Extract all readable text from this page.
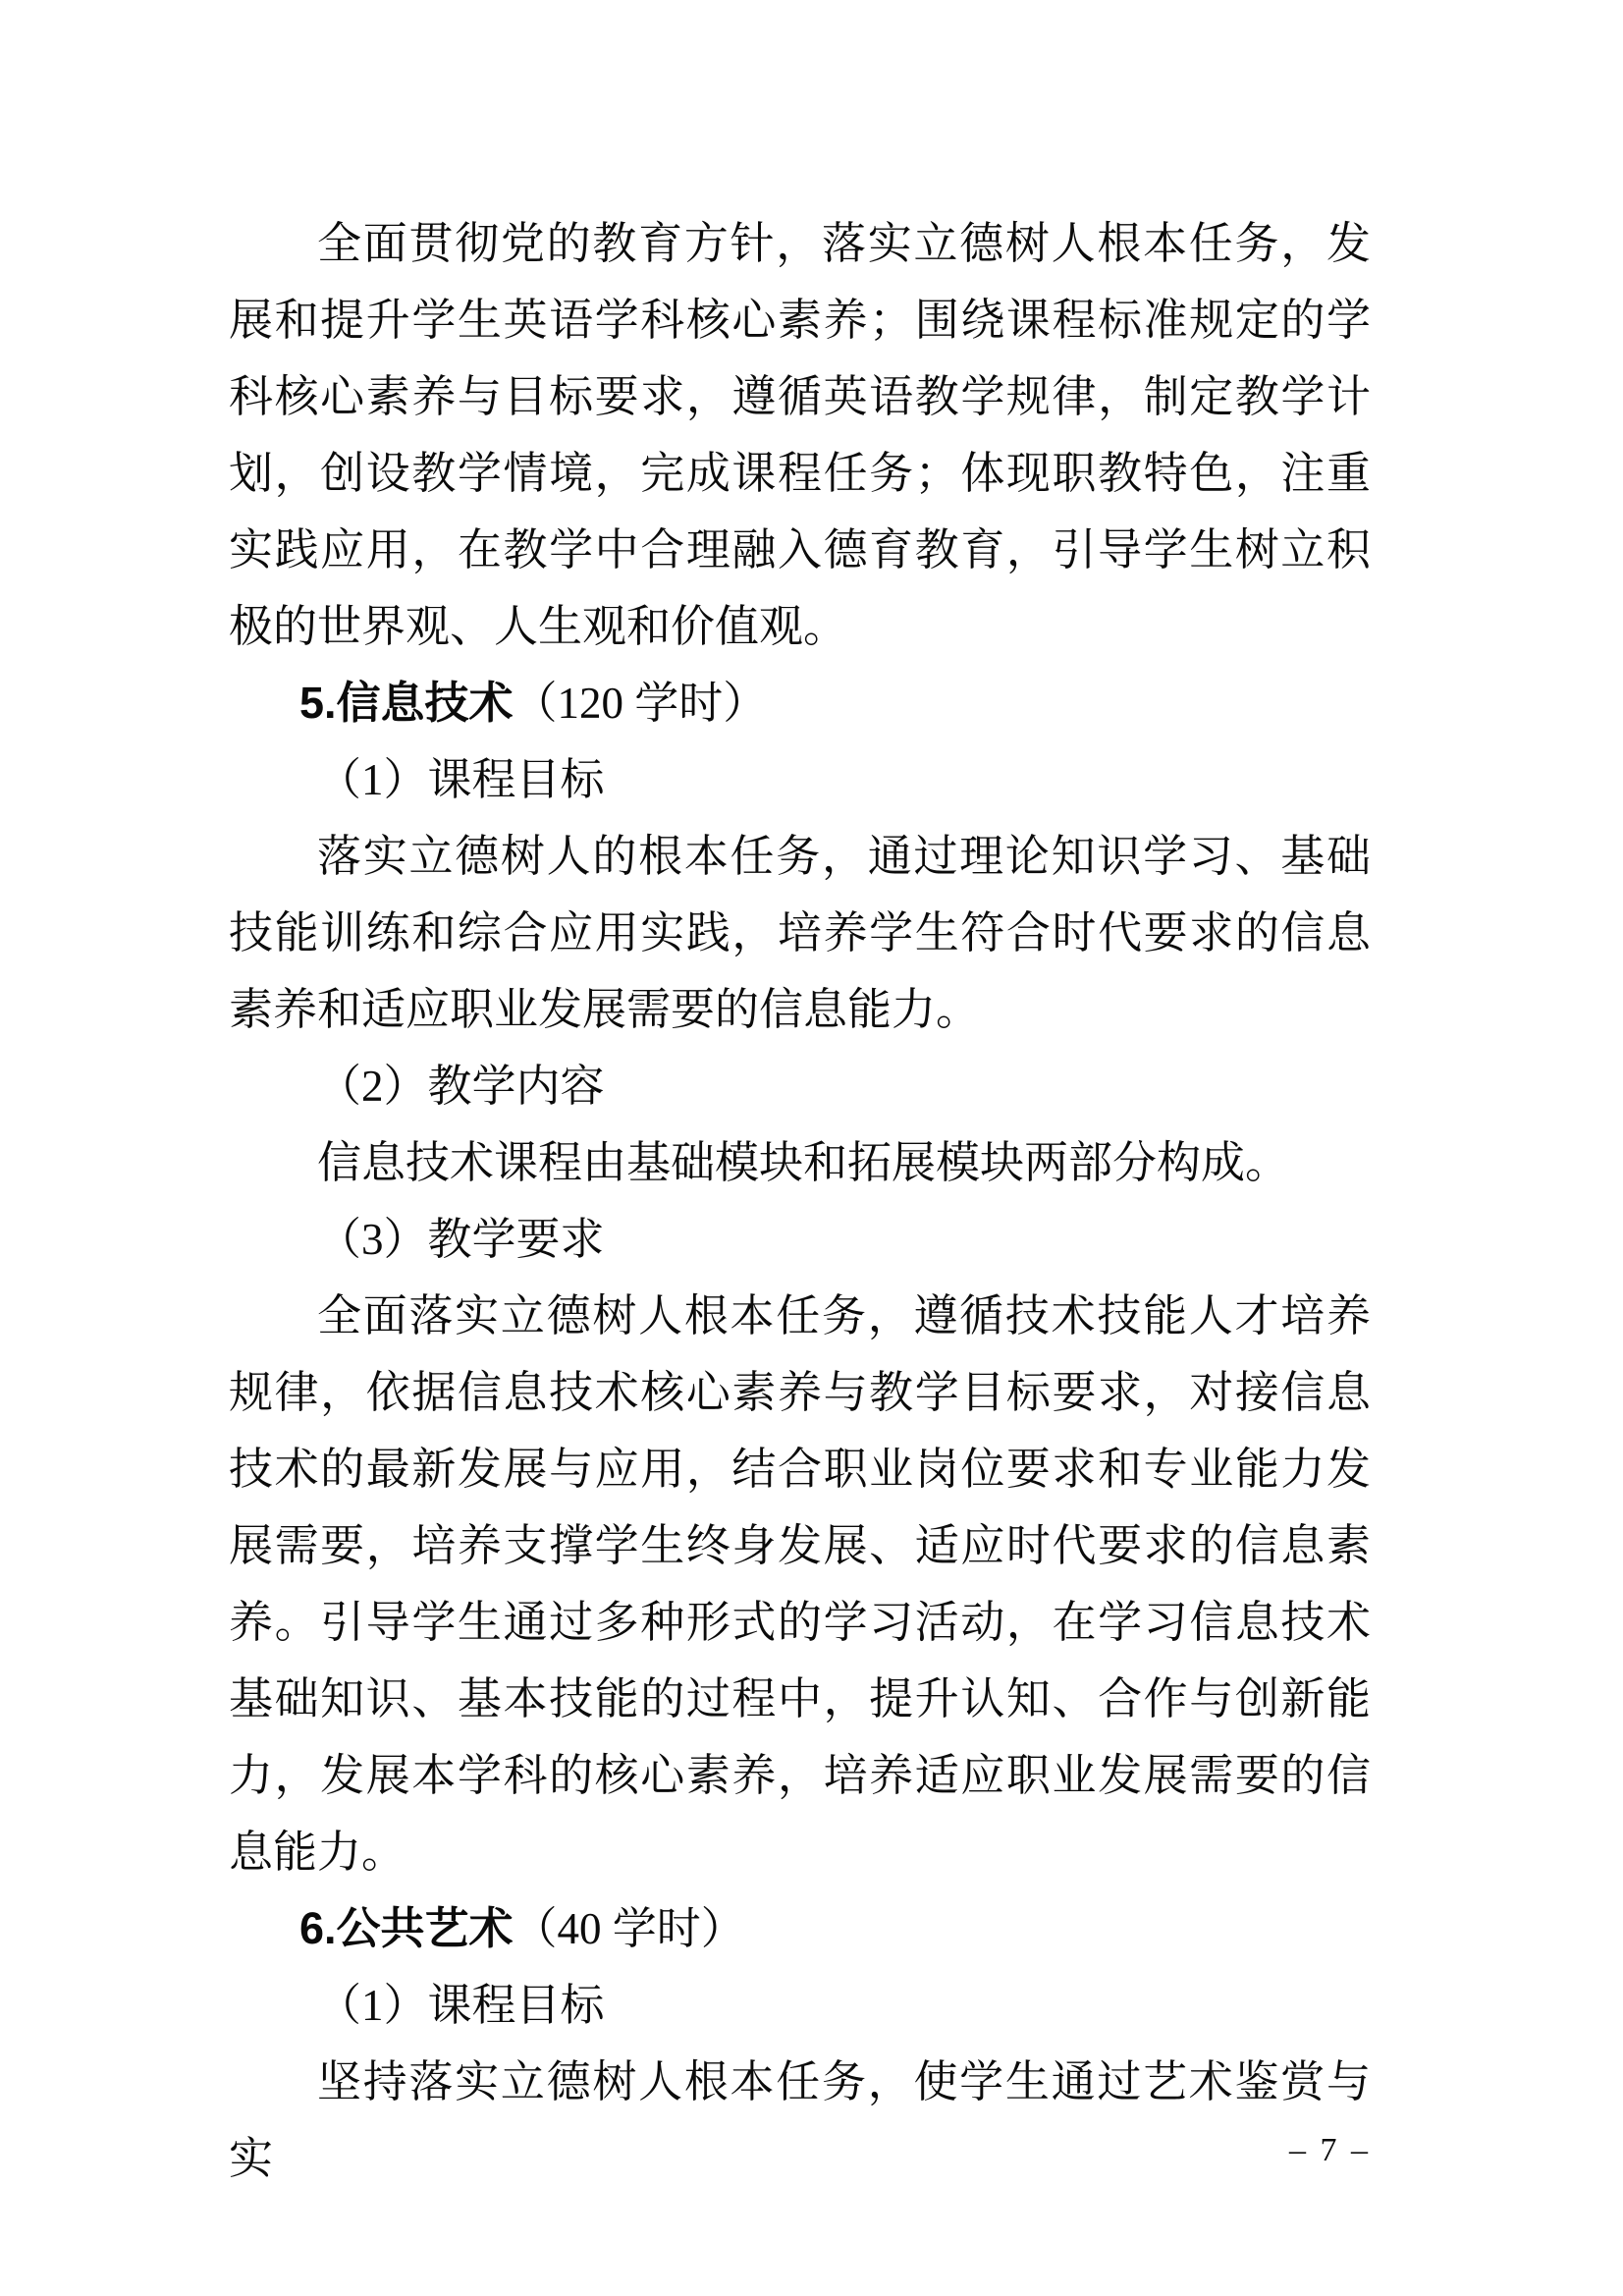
全面贯彻党的教育方针，落实立德树人根本任务，发展和提升学生英语学科核心素养；围绕课程标准规定的学科核心素养与目标要求，遵循英语教学规律，制定教学计划，创设教学情境，完成课程任务；体现职教特色，注重实践应用，在教学中合理融入德育教育，引导学生树立积极的世界观、人生观和价值观。

5.信息技术（120 学时）

（1）课程目标

落实立德树人的根本任务，通过理论知识学习、基础技能训练和综合应用实践，培养学生符合时代要求的信息素养和适应职业发展需要的信息能力。

（2）教学内容

信息技术课程由基础模块和拓展模块两部分构成。

（3）教学要求

全面落实立德树人根本任务，遵循技术技能人才培养规律，依据信息技术核心素养与教学目标要求，对接信息技术的最新发展与应用，结合职业岗位要求和专业能力发展需要，培养支撑学生终身发展、适应时代要求的信息素养。引导学生通过多种形式的学习活动，在学习信息技术基础知识、基本技能的过程中，提升认知、合作与创新能力，发展本学科的核心素养，培养适应职业发展需要的信息能力。

6.公共艺术（40 学时）

（1）课程目标

坚持落实立德树人根本任务，使学生通过艺术鉴赏与实	– 7 –
